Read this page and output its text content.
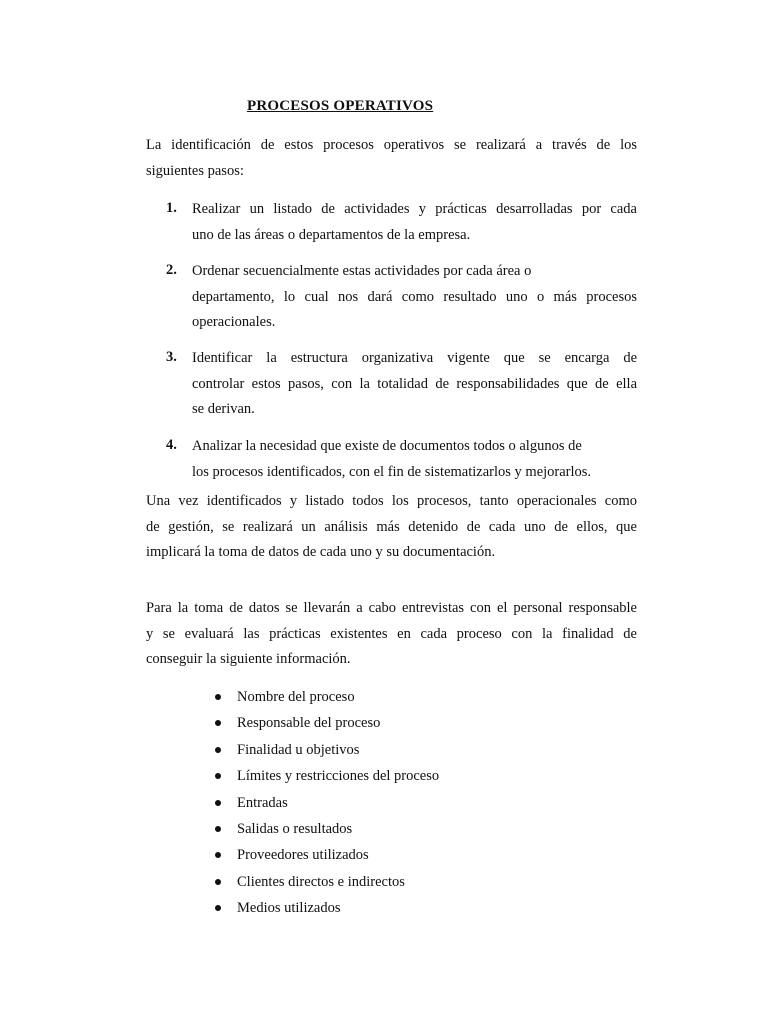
PROCESOS OPERATIVOS
La identificación de estos procesos operativos se realizará a través de los
siguientes pasos:
1. Realizar un listado de actividades y prácticas desarrolladas por cada
uno de las áreas o departamentos de la empresa.
2. Ordenar secuencialmente estas actividades por cada área o
departamento, lo cual nos dará como resultado uno o más procesos
operacionales.
3. Identificar la estructura organizativa vigente que se encarga de
controlar estos pasos, con la totalidad de responsabilidades que de ella
se derivan.
4. Analizar la necesidad que existe de documentos todos o algunos de
los procesos identificados, con el fin de sistematizarlos y mejorarlos.
Una vez identificados y listado todos los procesos, tanto operacionales como
de gestión, se realizará un análisis más detenido de cada uno de ellos, que
implicará la toma de datos de cada uno y su documentación.
Para la toma de datos se llevarán a cabo entrevistas con el personal responsable
y se evaluará las prácticas existentes en cada proceso con la finalidad de
conseguir la siguiente información.
Nombre del proceso
Responsable del proceso
Finalidad u objetivos
Límites y restricciones del proceso
Entradas
Salidas o resultados
Proveedores utilizados
Clientes directos e indirectos
Medios utilizados
